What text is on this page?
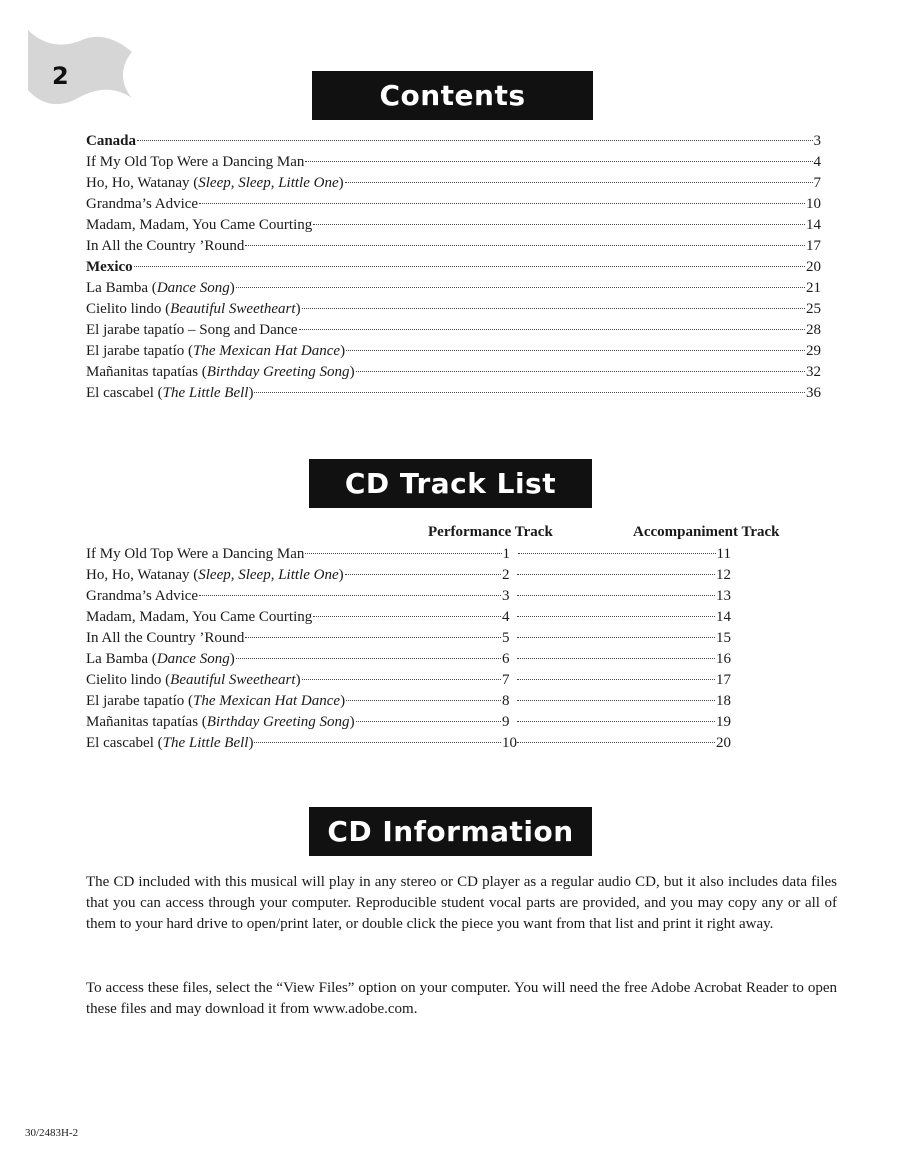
2
Contents
Canada	3
If My Old Top Were a Dancing Man	4
Ho, Ho, Watanay (Sleep, Sleep, Little One)	7
Grandma’s Advice	10
Madam, Madam, You Came Courting	14
In All the Country ’Round	17
Mexico	20
La Bamba (Dance Song)	21
Cielito lindo (Beautiful Sweetheart)	25
El jarabe tapatío – Song and Dance	28
El jarabe tapatío (The Mexican Hat Dance)	29
Mañanitas tapatías (Birthday Greeting Song)	32
El cascabel (The Little Bell)	36
CD Track List
Performance Track	Accompaniment Track
If My Old Top Were a Dancing Man	1	11
Ho, Ho, Watanay (Sleep, Sleep, Little One)	2	12
Grandma’s Advice	3	13
Madam, Madam, You Came Courting	4	14
In All the Country ’Round	5	15
La Bamba (Dance Song)	6	16
Cielito lindo (Beautiful Sweetheart)	7	17
El jarabe tapatío (The Mexican Hat Dance)	8	18
Mañanitas tapatías (Birthday Greeting Song)	9	19
El cascabel (The Little Bell)	10	20
CD Information

The CD included with this musical will play in any stereo or CD player as a regular audio CD, but it also includes data files that you can access through your computer. Reproducible student vocal parts are provided, and you may copy any or all of them to your hard drive to open/print later, or double click the piece you want from that list and print it right away.

To access these files, select the “View Files” option on your computer. You will need the free Adobe Acrobat Reader to open these files and may download it from www.adobe.com.

30/2483H-2
